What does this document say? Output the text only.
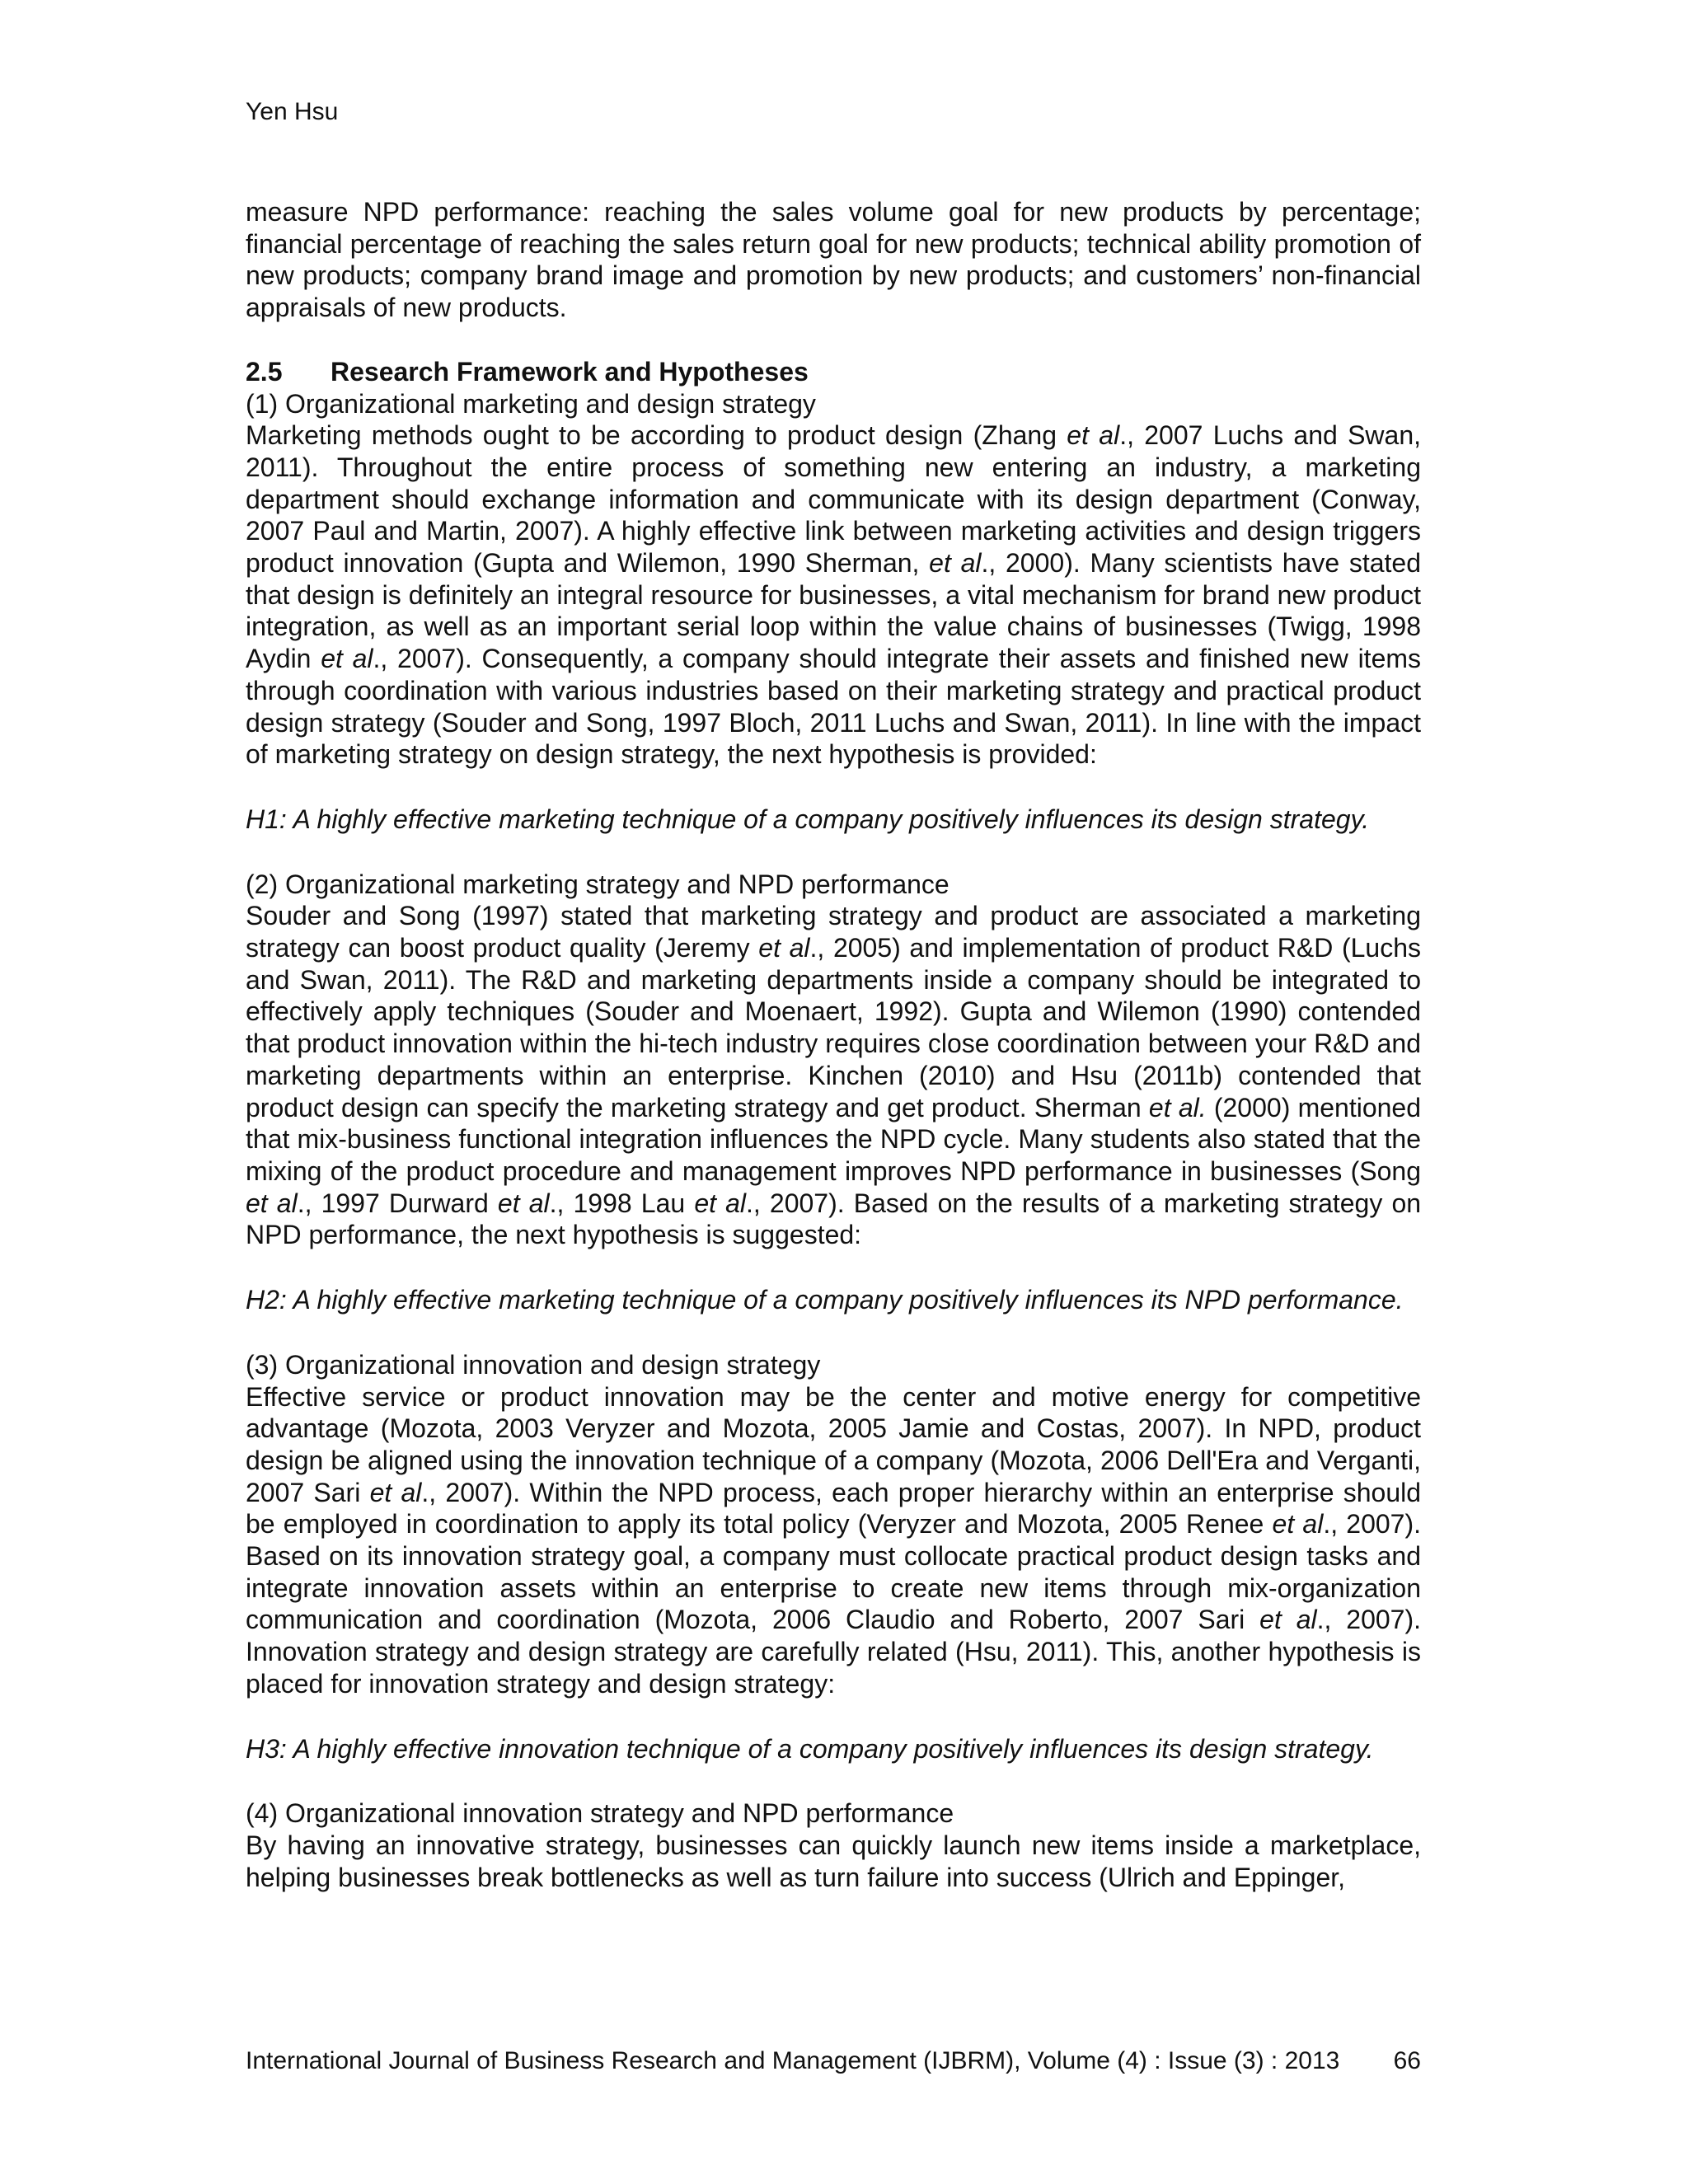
Yen Hsu

measure NPD performance: reaching the sales volume goal for new products by percentage; financial percentage of reaching the sales return goal for new products; technical ability promotion of new products; company brand image and promotion by new products; and customers’ non-financial appraisals of new products.

2.5 Research Framework and Hypotheses

(1) Organizational marketing and design strategy

Marketing methods ought to be according to product design (Zhang et al., 2007 Luchs and Swan, 2011). Throughout the entire process of something new entering an industry, a marketing department should exchange information and communicate with its design department (Conway, 2007 Paul and Martin, 2007). A highly effective link between marketing activities and design triggers product innovation (Gupta and Wilemon, 1990 Sherman, et al., 2000). Many scientists have stated that design is definitely an integral resource for businesses, a vital mechanism for brand new product integration, as well as an important serial loop within the value chains of businesses (Twigg, 1998 Aydin et al., 2007). Consequently, a company should integrate their assets and finished new items through coordination with various industries based on their marketing strategy and practical product design strategy (Souder and Song, 1997 Bloch, 2011 Luchs and Swan, 2011). In line with the impact of marketing strategy on design strategy, the next hypothesis is provided:

H1: A highly effective marketing technique of a company positively influences its design strategy.

(2) Organizational marketing strategy and NPD performance

Souder and Song (1997) stated that marketing strategy and product are associated a marketing strategy can boost product quality (Jeremy et al., 2005) and implementation of product R&D (Luchs and Swan, 2011). The R&D and marketing departments inside a company should be integrated to effectively apply techniques (Souder and Moenaert, 1992). Gupta and Wilemon (1990) contended that product innovation within the hi-tech industry requires close coordination between your R&D and marketing departments within an enterprise. Kinchen (2010) and Hsu (2011b) contended that product design can specify the marketing strategy and get product. Sherman et al. (2000) mentioned that mix-business functional integration influences the NPD cycle. Many students also stated that the mixing of the product procedure and management improves NPD performance in businesses (Song et al., 1997 Durward et al., 1998 Lau et al., 2007). Based on the results of a marketing strategy on NPD performance, the next hypothesis is suggested:

H2: A highly effective marketing technique of a company positively influences its NPD performance.

(3) Organizational innovation and design strategy

Effective service or product innovation may be the center and motive energy for competitive advantage (Mozota, 2003 Veryzer and Mozota, 2005 Jamie and Costas, 2007). In NPD, product design be aligned using the innovation technique of a company (Mozota, 2006 Dell'Era and Verganti, 2007 Sari et al., 2007). Within the NPD process, each proper hierarchy within an enterprise should be employed in coordination to apply its total policy (Veryzer and Mozota, 2005 Renee et al., 2007). Based on its innovation strategy goal, a company must collocate practical product design tasks and integrate innovation assets within an enterprise to create new items through mix-organization communication and coordination (Mozota, 2006 Claudio and Roberto, 2007 Sari et al., 2007). Innovation strategy and design strategy are carefully related (Hsu, 2011). This, another hypothesis is placed for innovation strategy and design strategy:

H3: A highly effective innovation technique of a company positively influences its design strategy.

(4) Organizational innovation strategy and NPD performance

By having an innovative strategy, businesses can quickly launch new items inside a marketplace, helping businesses break bottlenecks as well as turn failure into success (Ulrich and Eppinger,

International Journal of Business Research and Management (IJBRM), Volume (4) : Issue (3) : 2013 66
